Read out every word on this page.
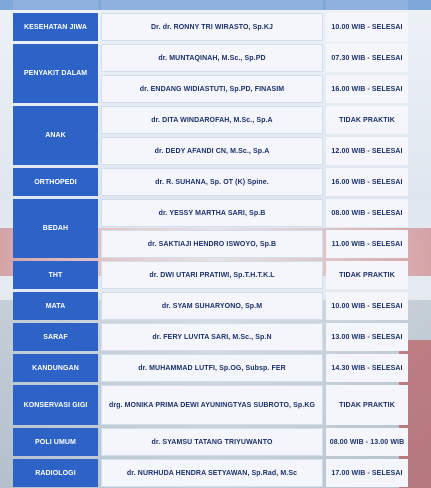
KESEHATAN JIWA	Dr. dr. RONNY TRI WIRASTO, Sp.KJ	10.00 WIB - SELESAI
PENYAKIT DALAM
dr. MUNTAQINAH, M.Sc., Sp.PD	07.30 WIB - SELESAI
dr. ENDANG WIDIASTUTI, Sp.PD, FINASIM	16.00 WIB - SELESAI
ANAK
dr. DITA WINDAROFAH, M.Sc., Sp.A	TIDAK PRAKTIK
dr. DEDY AFANDI CN, M.Sc., Sp.A	12.00 WIB - SELESAI
ORTHOPEDI	dr. R. SUHANA, Sp. OT (K) Spine.	16.00 WIB - SELESAI
BEDAH
dr. YESSY MARTHA SARI, Sp.B	08.00 WIB - SELESAI
dr. SAKTIAJI HENDRO ISWOYO, Sp.B	11.00 WIB - SELESAI
THT	dr. DWI UTARI PRATIWI, Sp.T.H.T.K.L	TIDAK PRAKTIK
MATA	dr. SYAM SUHARYONO, Sp.M	10.00 WIB - SELESAI
SARAF	dr. FERY LUVITA SARI, M.Sc., Sp.N	13.00 WIB - SELESAI
KANDUNGAN	dr. MUHAMMAD LUTFI, Sp.OG, Subsp. FER	14.30 WIB - SELESAI
KONSERVASI GIGI	drg. MONIKA PRIMA DEWI AYUNINGTYAS SUBROTO, Sp.KG	TIDAK PRAKTIK
POLI UMUM	dr. SYAMSU TATANG TRIYUWANTO	08.00 WIB - 13.00 WIB
RADIOLOGI	dr. NURHUDA HENDRA SETYAWAN, Sp.Rad, M.Sc	17.00 WIB - SELESAI
